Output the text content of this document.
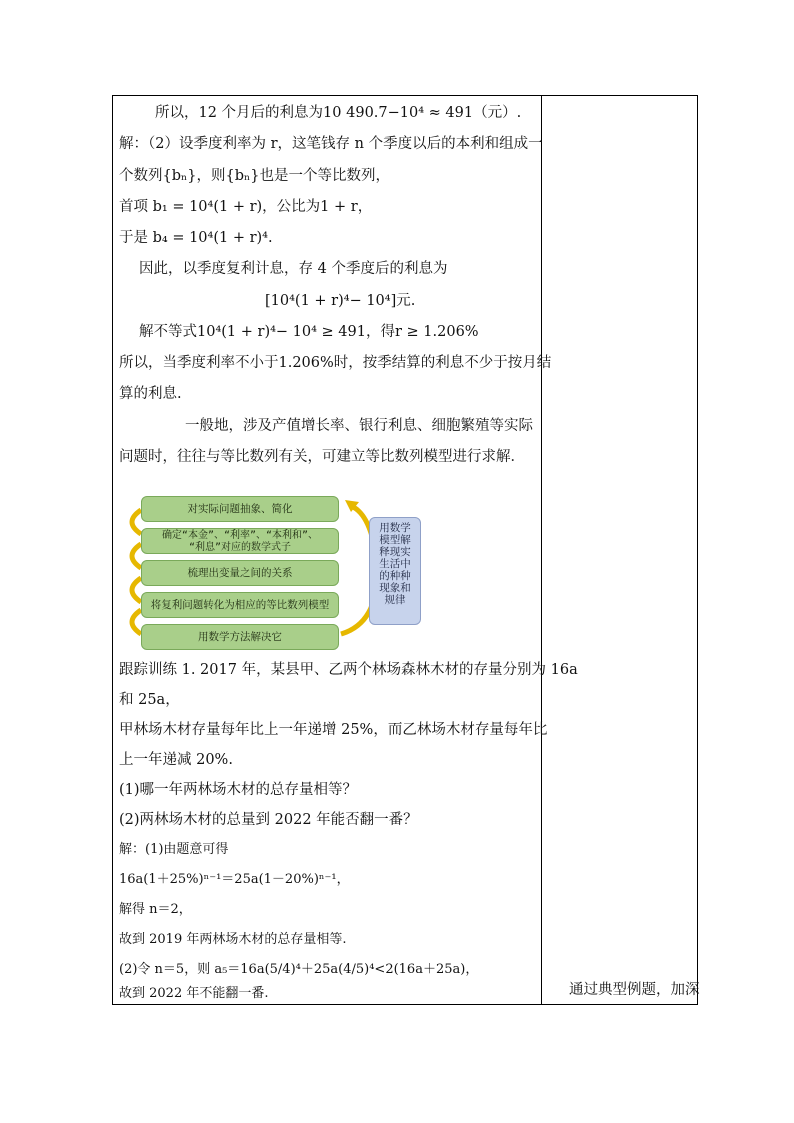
所以，12 个月后的利息为10 490.7−10⁴ ≈ 491（元）.
解：（2）设季度利率为 r，这笔钱存 n 个季度以后的本利和组成一
个数列{bₙ}，则{bₙ}也是一个等比数列，
首项 b₁ = 10⁴(1 + r)，公比为1 + r，
于是 b₄ = 10⁴(1 + r)⁴.
因此，以季度复利计息，存 4 个季度后的利息为
[10⁴(1 + r)⁴− 10⁴]元.
解不等式10⁴(1 + r)⁴− 10⁴ ≥ 491，得r ≥ 1.206%
所以，当季度利率不小于1.206%时，按季结算的利息不少于按月结
算的利息.
一般地，涉及产值增长率、银行利息、细胞繁殖等实际
问题时，往往与等比数列有关，可建立等比数列模型进行求解．
对实际问题抽象、简化
确定“本金”、“利率”、“本利和”、
“利息”对应的数学式子
梳理出变量之间的关系
将复利问题转化为相应的等比数列模型
用数学方法解决它
用数学模型解释现实生活中的种种现象和规律
跟踪训练 1. 2017 年，某县甲、乙两个林场森林木材的存量分别为 16a
和 25a，
甲林场木材存量每年比上一年递增 25%，而乙林场木材存量每年比
上一年递减 20%.
(1)哪一年两林场木材的总存量相等？
(2)两林场木材的总量到 2022 年能否翻一番？
解：(1)由题意可得
16a(1＋25%)ⁿ⁻¹＝25a(1－20%)ⁿ⁻¹，
解得 n＝2，
故到 2019 年两林场木材的总存量相等.
(2)令 n＝5，则 a₅＝16a(5/4)⁴＋25a(4/5)⁴<2(16a＋25a)，
故到 2022 年不能翻一番.	通过典型例题，加深
